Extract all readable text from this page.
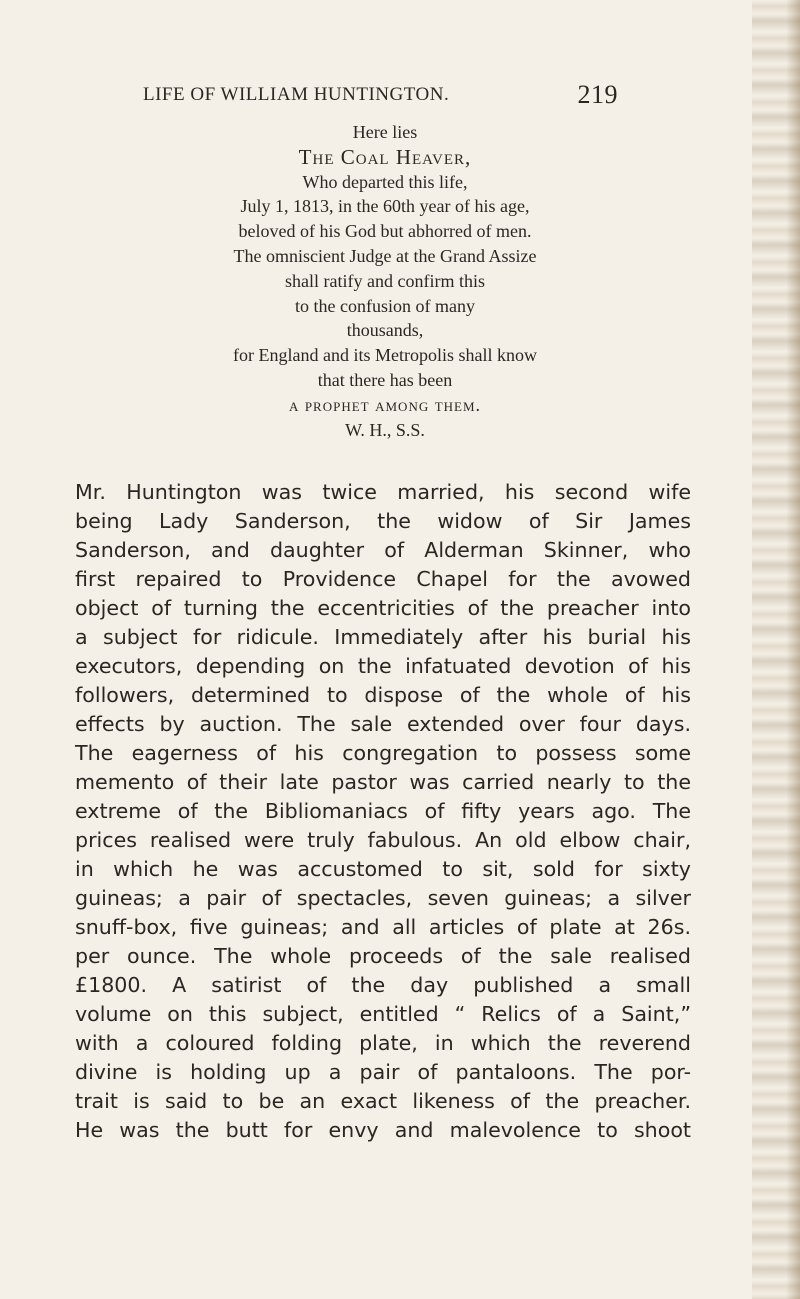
LIFE OF WILLIAM HUNTINGTON.	219
Here lies
The Coal Heaver,
Who departed this life,
July 1, 1813, in the 60th year of his age,
beloved of his God but abhorred of men.
The omniscient Judge at the Grand Assize
shall ratify and confirm this
to the confusion of many
thousands,
for England and its Metropolis shall know
that there has been
a prophet among them.
W. H., S.S.
Mr. Huntington was twice married, his second wife
being Lady Sanderson, the widow of Sir James
Sanderson, and daughter of Alderman Skinner, who
first repaired to Providence Chapel for the avowed
object of turning the eccentricities of the preacher into
a subject for ridicule. Immediately after his burial his
executors, depending on the infatuated devotion of his
followers, determined to dispose of the whole of his
effects by auction. The sale extended over four days.
The eagerness of his congregation to possess some
memento of their late pastor was carried nearly to the
extreme of the Bibliomaniacs of fifty years ago. The
prices realised were truly fabulous. An old elbow chair,
in which he was accustomed to sit, sold for sixty
guineas; a pair of spectacles, seven guineas; a silver
snuff-box, five guineas; and all articles of plate at 26s.
per ounce. The whole proceeds of the sale realised
£1800. A satirist of the day published a small
volume on this subject, entitled “ Relics of a Saint,”
with a coloured folding plate, in which the reverend
divine is holding up a pair of pantaloons. The por-
trait is said to be an exact likeness of the preacher.
He was the butt for envy and malevolence to shoot
